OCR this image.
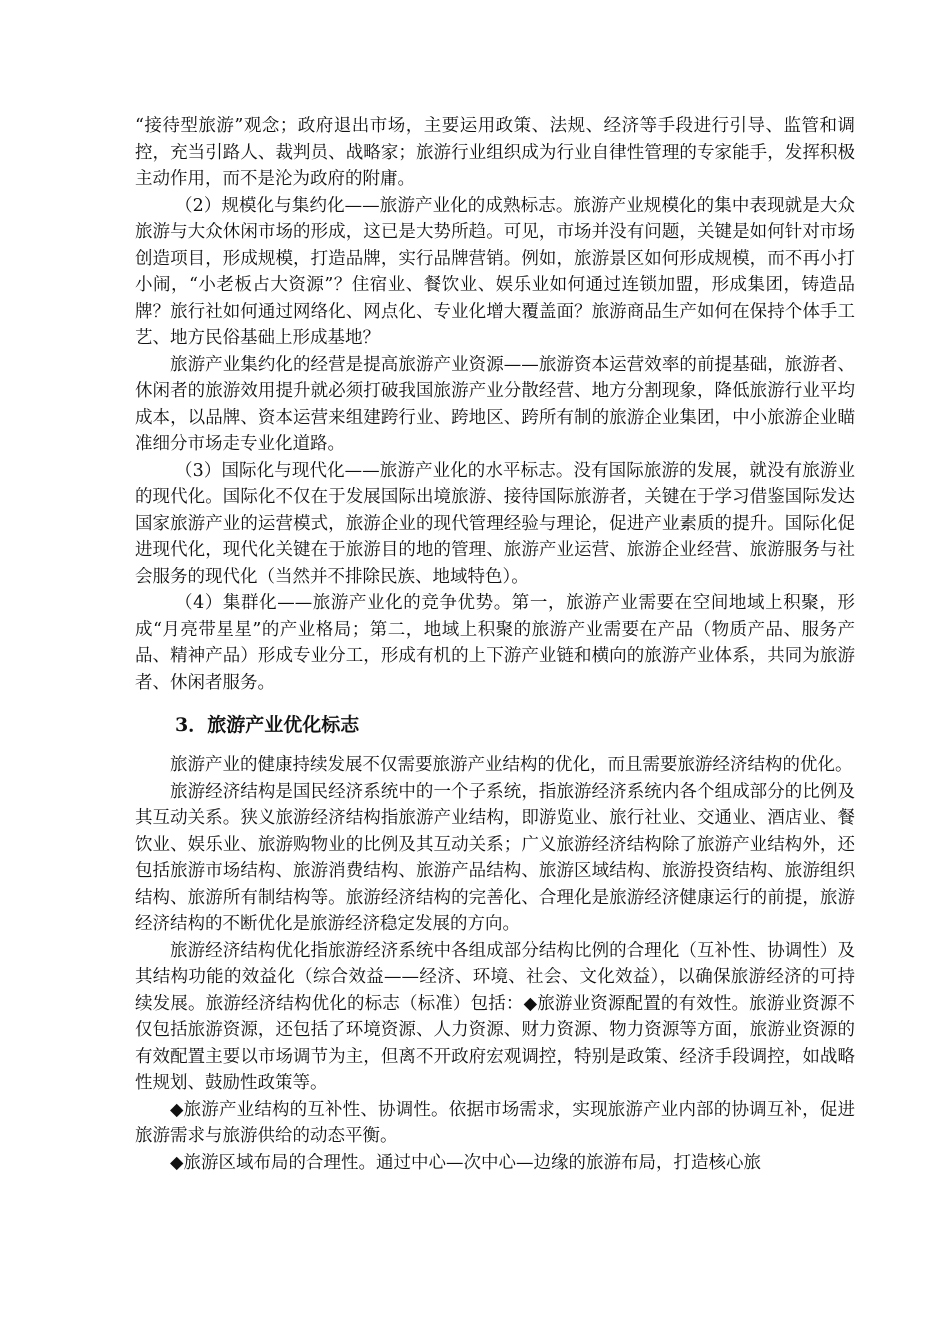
“接待型旅游”观念；政府退出市场，主要运用政策、法规、经济等手段进行引导、监管和调控，充当引路人、裁判员、战略家；旅游行业组织成为行业自律性管理的专家能手，发挥积极主动作用，而不是沦为政府的附庸。

（2）规模化与集约化——旅游产业化的成熟标志。旅游产业规模化的集中表现就是大众旅游与大众休闲市场的形成，这已是大势所趋。可见，市场并没有问题，关键是如何针对市场创造项目，形成规模，打造品牌，实行品牌营销。例如，旅游景区如何形成规模，而不再小打小闹，“小老板占大资源”？住宿业、餐饮业、娱乐业如何通过连锁加盟，形成集团，铸造品牌？旅行社如何通过网络化、网点化、专业化增大覆盖面？旅游商品生产如何在保持个体手工艺、地方民俗基础上形成基地？

旅游产业集约化的经营是提高旅游产业资源——旅游资本运营效率的前提基础，旅游者、休闲者的旅游效用提升就必须打破我国旅游产业分散经营、地方分割现象，降低旅游行业平均成本，以品牌、资本运营来组建跨行业、跨地区、跨所有制的旅游企业集团，中小旅游企业瞄准细分市场走专业化道路。

（3）国际化与现代化——旅游产业化的水平标志。没有国际旅游的发展，就没有旅游业的现代化。国际化不仅在于发展国际出境旅游、接待国际旅游者，关键在于学习借鉴国际发达国家旅游产业的运营模式，旅游企业的现代管理经验与理论，促进产业素质的提升。国际化促进现代化，现代化关键在于旅游目的地的管理、旅游产业运营、旅游企业经营、旅游服务与社会服务的现代化（当然并不排除民族、地域特色）。

（4）集群化——旅游产业化的竞争优势。第一，旅游产业需要在空间地域上积聚，形成“月亮带星星”的产业格局；第二，地域上积聚的旅游产业需要在产品（物质产品、服务产品、精神产品）形成专业分工，形成有机的上下游产业链和横向的旅游产业体系，共同为旅游者、休闲者服务。

3．旅游产业优化标志

旅游产业的健康持续发展不仅需要旅游产业结构的优化，而且需要旅游经济结构的优化。

旅游经济结构是国民经济系统中的一个子系统，指旅游经济系统内各个组成部分的比例及其互动关系。狭义旅游经济结构指旅游产业结构，即游览业、旅行社业、交通业、酒店业、餐饮业、娱乐业、旅游购物业的比例及其互动关系；广义旅游经济结构除了旅游产业结构外，还包括旅游市场结构、旅游消费结构、旅游产品结构、旅游区域结构、旅游投资结构、旅游组织结构、旅游所有制结构等。旅游经济结构的完善化、合理化是旅游经济健康运行的前提，旅游经济结构的不断优化是旅游经济稳定发展的方向。

旅游经济结构优化指旅游经济系统中各组成部分结构比例的合理化（互补性、协调性）及其结构功能的效益化（综合效益——经济、环境、社会、文化效益），以确保旅游经济的可持续发展。旅游经济结构优化的标志（标准）包括：◆旅游业资源配置的有效性。旅游业资源不仅包括旅游资源，还包括了环境资源、人力资源、财力资源、物力资源等方面，旅游业资源的有效配置主要以市场调节为主，但离不开政府宏观调控，特别是政策、经济手段调控，如战略性规划、鼓励性政策等。

◆旅游产业结构的互补性、协调性。依据市场需求，实现旅游产业内部的协调互补，促进旅游需求与旅游供给的动态平衡。

◆旅游区域布局的合理性。通过中心—次中心—边缘的旅游布局，打造核心旅
